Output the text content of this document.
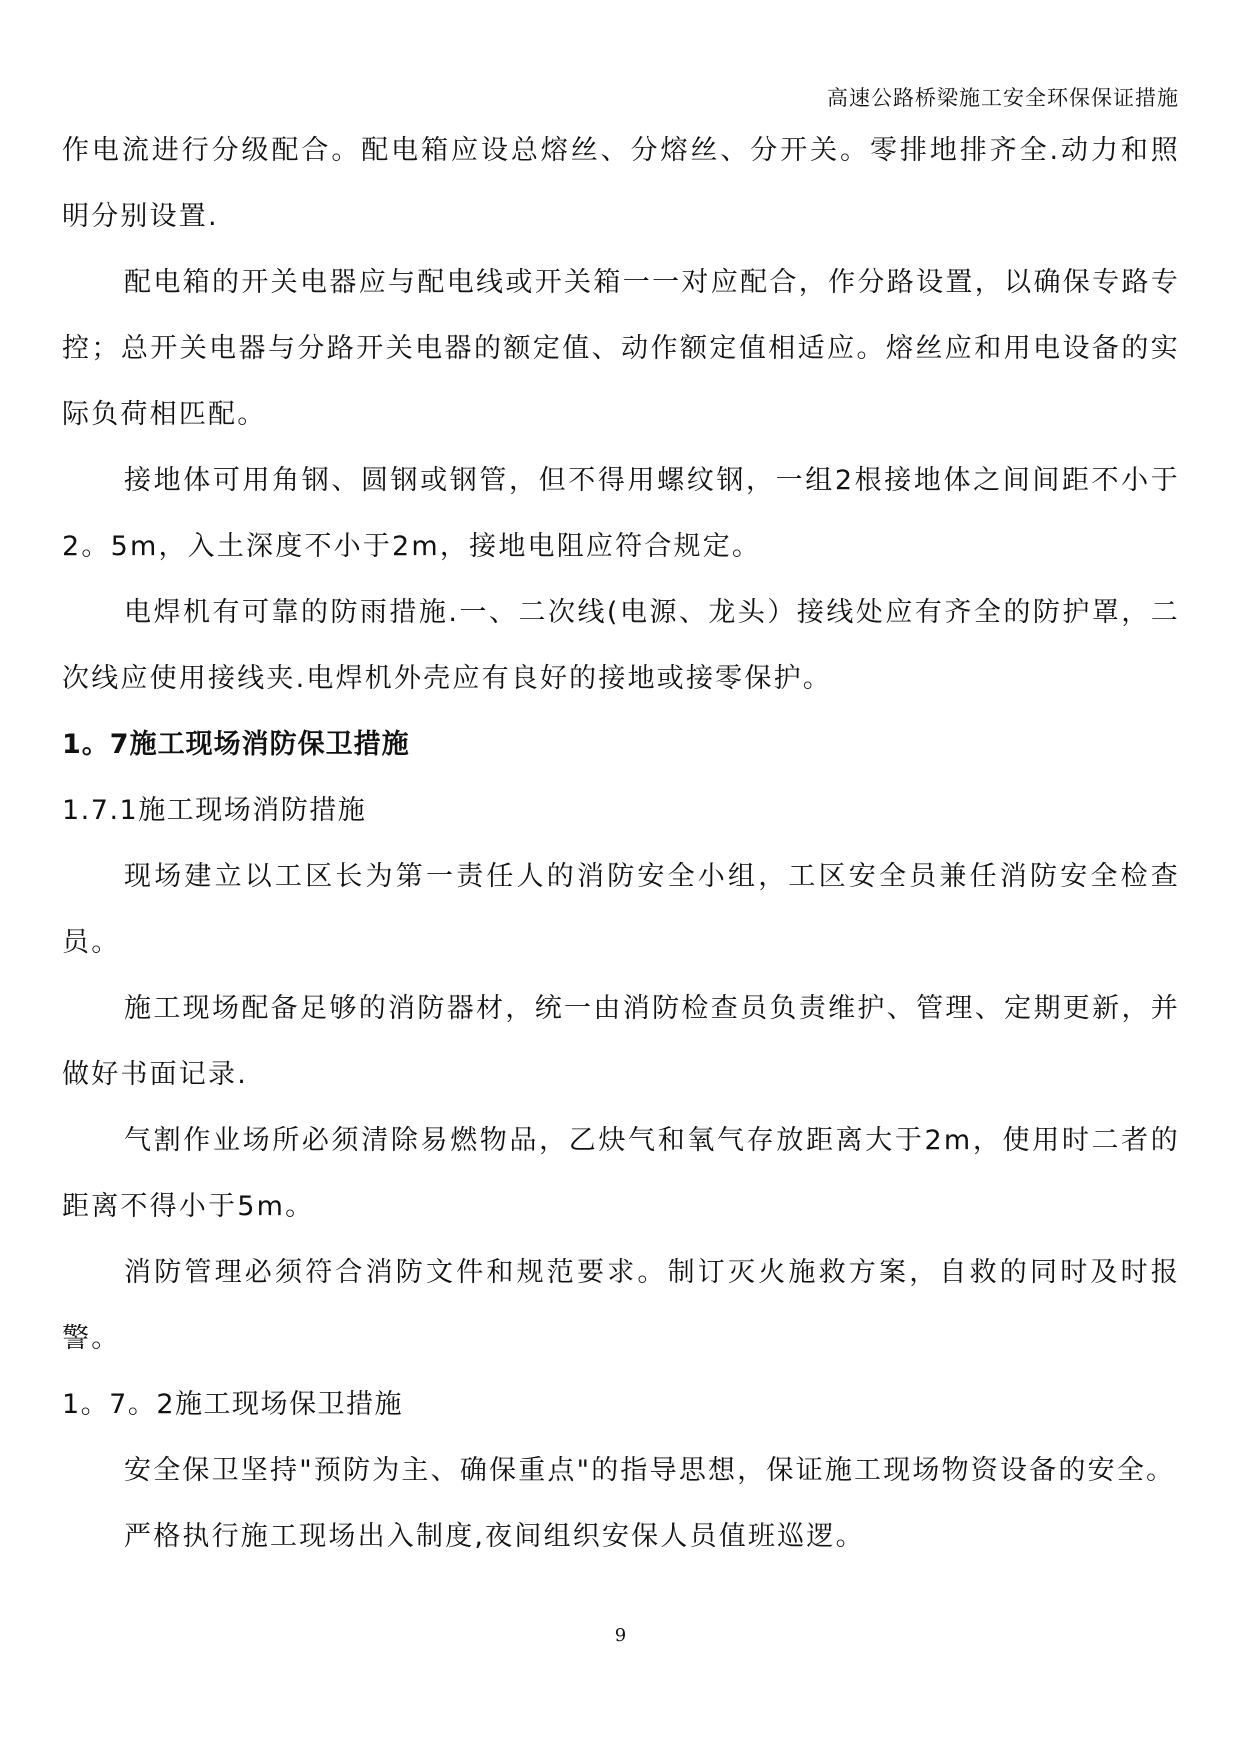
高速公路桥梁施工安全环保保证措施

作电流进行分级配合。配电箱应设总熔丝、分熔丝、分开关。零排地排齐全.动力和照明分别设置.

配电箱的开关电器应与配电线或开关箱一一对应配合，作分路设置，以确保专路专控；总开关电器与分路开关电器的额定值、动作额定值相适应。熔丝应和用电设备的实际负荷相匹配。

接地体可用角钢、圆钢或钢管，但不得用螺纹钢，一组2根接地体之间间距不小于2。5m，入土深度不小于2m，接地电阻应符合规定。

电焊机有可靠的防雨措施.一、二次线(电源、龙头）接线处应有齐全的防护罩，二次线应使用接线夹.电焊机外壳应有良好的接地或接零保护。

1。7施工现场消防保卫措施

1.7.1施工现场消防措施

现场建立以工区长为第一责任人的消防安全小组，工区安全员兼任消防安全检查员。

施工现场配备足够的消防器材，统一由消防检查员负责维护、管理、定期更新，并做好书面记录.

气割作业场所必须清除易燃物品，乙炔气和氧气存放距离大于2m，使用时二者的距离不得小于5m。

消防管理必须符合消防文件和规范要求。制订灭火施救方案，自救的同时及时报警。

1。7。2施工现场保卫措施

安全保卫坚持"预防为主、确保重点"的指导思想，保证施工现场物资设备的安全。

严格执行施工现场出入制度,夜间组织安保人员值班巡逻。

9
